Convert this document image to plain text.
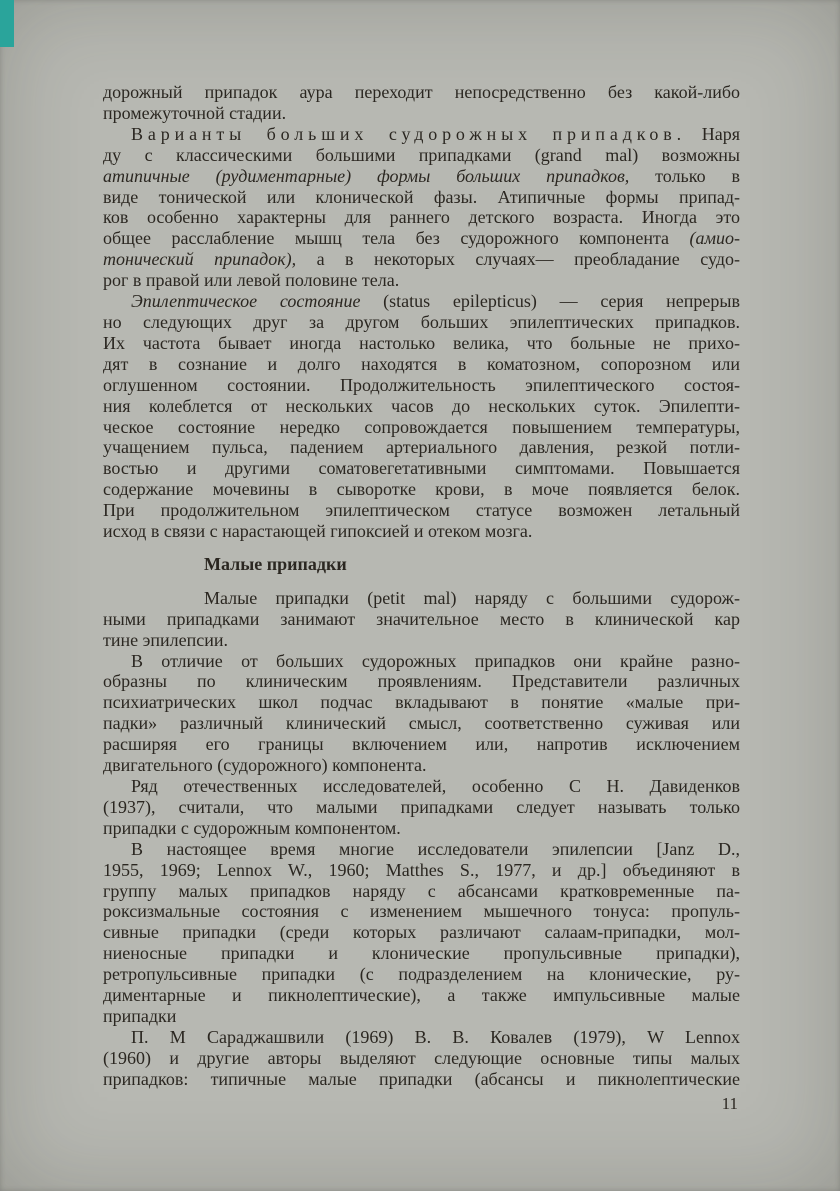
дорожный припадок аура переходит непосредственно без какой-либо
промежуточной стадии.
Варианты больших судорожных припадков. Наря
ду с классическими большими припадками (grand mal) возможны
атипичные (рудиментарные) формы больших припадков, только в
виде тонической или клонической фазы. Атипичные формы припад-
ков особенно характерны для раннего детского возраста. Иногда это
общее расслабление мышц тела без судорожного компонента (амио-
тонический припадок), а в некоторых случаях— преобладание судо-
рог в правой или левой половине тела.
Эпилептическое состояние (status epilepticus) — серия непрерыв
но следующих друг за другом больших эпилептических припадков.
Их частота бывает иногда настолько велика, что больные не прихо-
дят в сознание и долго находятся в коматозном, сопорозном или
оглушенном состоянии. Продолжительность эпилептического состоя-
ния колеблется от нескольких часов до нескольких суток. Эпилепти-
ческое состояние нередко сопровождается повышением температуры,
учащением пульса, падением артериального давления, резкой потли-
востью и другими соматовегетативными симптомами. Повышается
содержание мочевины в сыворотке крови, в моче появляется белок.
При продолжительном эпилептическом статусе возможен летальный
исход в связи с нарастающей гипоксией и отеком мозга.
Малые припадки
Малые припадки (petit mal) наряду с большими судорож-
ными припадками занимают значительное место в клинической кар
тине эпилепсии.
В отличие от больших судорожных припадков они крайне разно-
образны по клиническим проявлениям. Представители различных
психиатрических школ подчас вкладывают в понятие «малые при-
падки» различный клинический смысл, соответственно суживая или
расширяя его границы включением или, напротив исключением
двигательного (судорожного) компонента.
Ряд отечественных исследователей, особенно С Н. Давиденков
(1937), считали, что малыми припадками следует называть только
припадки с судорожным компонентом.
В настоящее время многие исследователи эпилепсии [Janz D.,
1955, 1969; Lennox W., 1960; Matthes S., 1977, и др.] объединяют в
группу малых припадков наряду с абсансами кратковременные па-
роксизмальные состояния с изменением мышечного тонуса: пропуль-
сивные припадки (среди которых различают салаам-припадки, мол-
ниеносные припадки и клонические пропульсивные припадки),
ретропульсивные припадки (с подразделением на клонические, ру-
диментарные и пикнолептические), а также импульсивные малые
припадки
П. М Сараджашвили (1969) В. В. Ковалев (1979), W Lennox
(1960) и другие авторы выделяют следующие основные типы малых
припадков: типичные малые припадки (абсансы и пикнолептические
11
